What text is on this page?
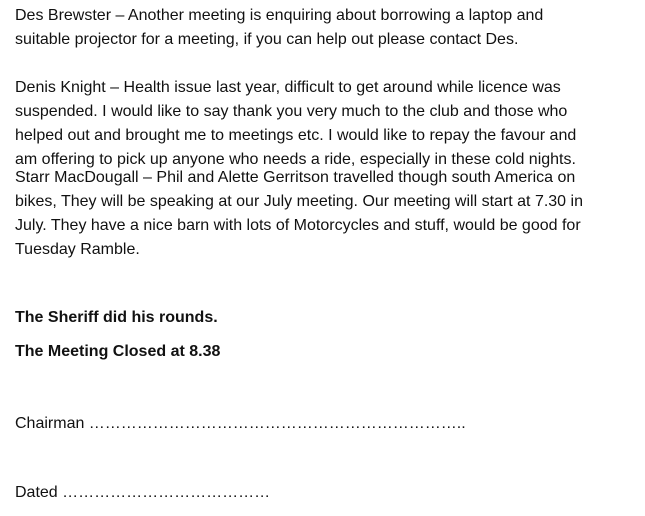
Des Brewster – Another meeting is enquiring about borrowing a laptop and
suitable projector for a meeting, if you can help out please contact Des.

Denis Knight – Health issue last year, difficult to get around while licence was
suspended. I would like to say thank you very much to the club and those who
helped out and brought me to meetings etc. I would like to repay the favour and
am offering to pick up anyone who needs a ride, especially in these cold nights.

Starr MacDougall – Phil and Alette Gerritson travelled though south America on
bikes, They will be speaking at our July meeting. Our meeting will start at 7.30 in
July. They have a nice barn with lots of Motorcycles and stuff, would be good for
Tuesday Ramble.

The Sheriff did his rounds.

The Meeting Closed at 8.38

Chairman ……………………………………………………………..

Dated …………………………………
